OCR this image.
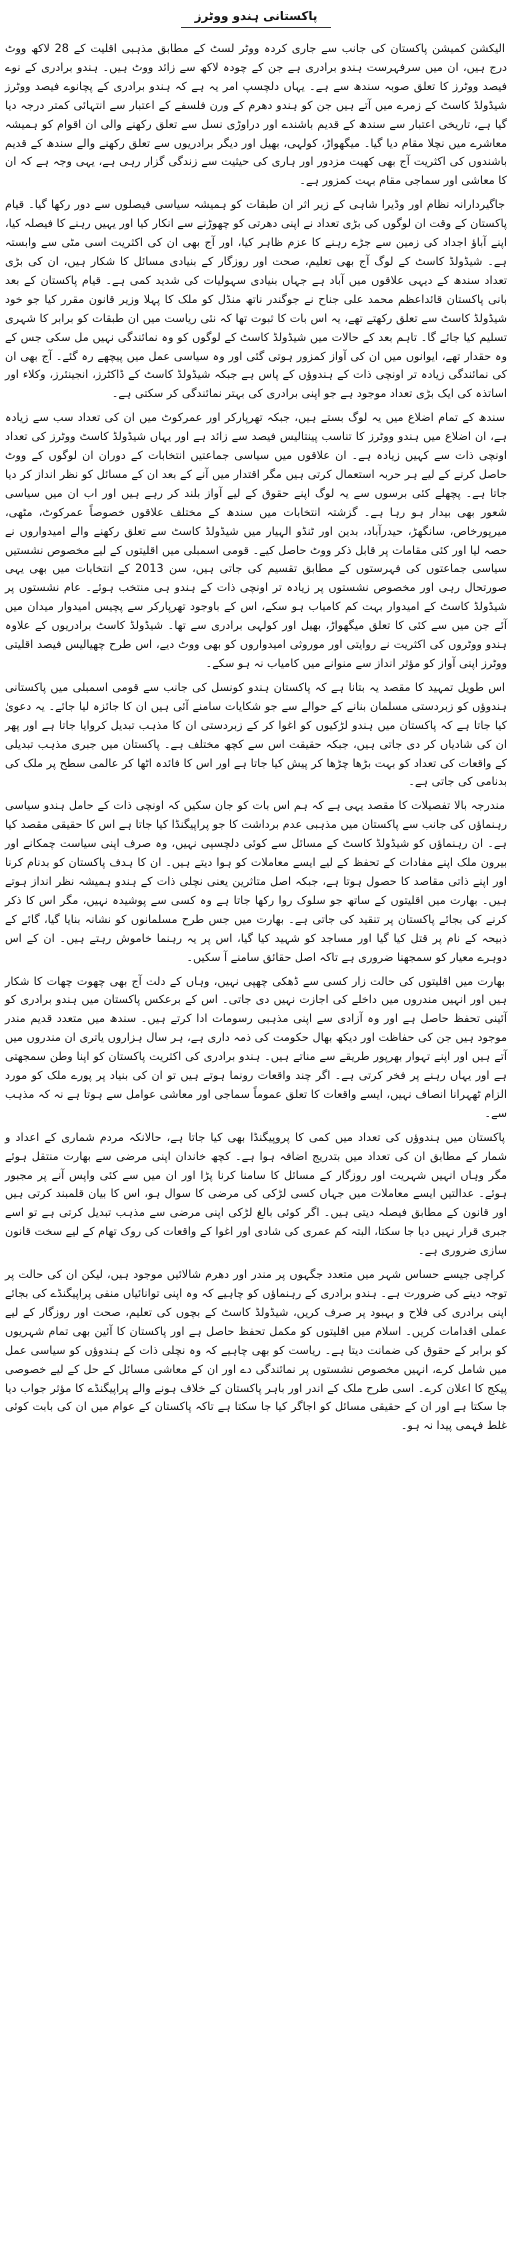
پاکستانی ہندو ووٹرز

الیکشن کمیشن پاکستان کی جانب سے جاری کردہ ووٹر لسٹ کے مطابق مذہبی اقلیت کے 28 لاکھ ووٹ درج ہیں، ان میں سرفہرست ہندو برادری ہے جن کے چودہ لاکھ سے زائد ووٹ ہیں۔ ہندو برادری کے نوے فیصد ووٹرز کا تعلق صوبہ سندھ سے ہے۔ یہاں دلچسپ امر یہ ہے کہ ہندو برادری کے پچانوے فیصد ووٹرز شیڈولڈ کاسٹ کے زمرے میں آتے ہیں جن کو ہندو دھرم کے ورن فلسفے کے اعتبار سے انتہائی کمتر درجہ دیا گیا ہے، تاریخی اعتبار سے سندھ کے قدیم باشندے اور دراوڑی نسل سے تعلق رکھنے والی ان اقوام کو ہمیشہ معاشرے میں نچلا مقام دیا گیا۔ میگھواڑ، کولہی، بھیل اور دیگر برادریوں سے تعلق رکھنے والے سندھ کے قدیم باشندوں کی اکثریت آج بھی کھیت مزدور اور ہاری کی حیثیت سے زندگی گزار رہی ہے، یہی وجہ ہے کہ ان کا معاشی اور سماجی مقام بہت کمزور ہے۔

جاگیردارانہ نظام اور وڈیرا شاہی کے زیر اثر ان طبقات کو ہمیشہ سیاسی فیصلوں سے دور رکھا گیا۔ قیام پاکستان کے وقت ان لوگوں کی بڑی تعداد نے اپنی دھرتی کو چھوڑنے سے انکار کیا اور یہیں رہنے کا فیصلہ کیا، اپنے آباؤ اجداد کی زمین سے جڑے رہنے کا عزم ظاہر کیا، اور آج بھی ان کی اکثریت اسی مٹی سے وابستہ ہے۔ شیڈولڈ کاسٹ کے لوگ آج بھی تعلیم، صحت اور روزگار کے بنیادی مسائل کا شکار ہیں، ان کی بڑی تعداد سندھ کے دیہی علاقوں میں آباد ہے جہاں بنیادی سہولیات کی شدید کمی ہے۔ قیام پاکستان کے بعد بانی پاکستان قائداعظم محمد علی جناح نے جوگندر ناتھ منڈل کو ملک کا پہلا وزیر قانون مقرر کیا جو خود شیڈولڈ کاسٹ سے تعلق رکھتے تھے، یہ اس بات کا ثبوت تھا کہ نئی ریاست میں ان طبقات کو برابر کا شہری تسلیم کیا جائے گا۔ تاہم بعد کے حالات میں شیڈولڈ کاسٹ کے لوگوں کو وہ نمائندگی نہیں مل سکی جس کے وہ حقدار تھے، ایوانوں میں ان کی آواز کمزور ہوتی گئی اور وہ سیاسی عمل میں پیچھے رہ گئے۔ آج بھی ان کی نمائندگی زیادہ تر اونچی ذات کے ہندوؤں کے پاس ہے جبکہ شیڈولڈ کاسٹ کے ڈاکٹرز، انجینئرز، وکلاء اور اساتذہ کی ایک بڑی تعداد موجود ہے جو اپنی برادری کی بہتر نمائندگی کر سکتی ہے۔

سندھ کے تمام اضلاع میں یہ لوگ بستے ہیں، جبکہ تھرپارکر اور عمرکوٹ میں ان کی تعداد سب سے زیادہ ہے، ان اضلاع میں ہندو ووٹرز کا تناسب پینتالیس فیصد سے زائد ہے اور یہاں شیڈولڈ کاسٹ ووٹرز کی تعداد اونچی ذات سے کہیں زیادہ ہے۔ ان علاقوں میں سیاسی جماعتیں انتخابات کے دوران ان لوگوں کے ووٹ حاصل کرنے کے لیے ہر حربہ استعمال کرتی ہیں مگر اقتدار میں آنے کے بعد ان کے مسائل کو نظر انداز کر دیا جاتا ہے۔ پچھلے کئی برسوں سے یہ لوگ اپنے حقوق کے لیے آواز بلند کر رہے ہیں اور اب ان میں سیاسی شعور بھی بیدار ہو رہا ہے۔ گزشتہ انتخابات میں سندھ کے مختلف علاقوں خصوصاً عمرکوٹ، مٹھی، میرپورخاص، سانگھڑ، حیدرآباد، بدین اور ٹنڈو الہیار میں شیڈولڈ کاسٹ سے تعلق رکھنے والے امیدواروں نے حصہ لیا اور کئی مقامات پر قابل ذکر ووٹ حاصل کیے۔ قومی اسمبلی میں اقلیتوں کے لیے مخصوص نشستیں سیاسی جماعتوں کی فہرستوں کے مطابق تقسیم کی جاتی ہیں، سن 2013 کے انتخابات میں بھی یہی صورتحال رہی اور مخصوص نشستوں پر زیادہ تر اونچی ذات کے ہندو ہی منتخب ہوئے۔ عام نشستوں پر شیڈولڈ کاسٹ کے امیدوار بہت کم کامیاب ہو سکے، اس کے باوجود تھرپارکر سے پچیس امیدوار میدان میں آئے جن میں سے کئی کا تعلق میگھواڑ، بھیل اور کولہی برادری سے تھا۔ شیڈولڈ کاسٹ برادریوں کے علاوہ ہندو ووٹروں کی اکثریت نے روایتی اور موروثی امیدواروں کو بھی ووٹ دیے، اس طرح چھیالیس فیصد اقلیتی ووٹرز اپنی آواز کو مؤثر انداز سے منوانے میں کامیاب نہ ہو سکے۔

اس طویل تمہید کا مقصد یہ بتانا ہے کہ پاکستان ہندو کونسل کی جانب سے قومی اسمبلی میں پاکستانی ہندوؤں کو زبردستی مسلمان بنانے کے حوالے سے جو شکایات سامنے آئی ہیں ان کا جائزہ لیا جائے۔ یہ دعویٰ کیا جاتا ہے کہ پاکستان میں ہندو لڑکیوں کو اغوا کر کے زبردستی ان کا مذہب تبدیل کروایا جاتا ہے اور پھر ان کی شادیاں کر دی جاتی ہیں، جبکہ حقیقت اس سے کچھ مختلف ہے۔ پاکستان میں جبری مذہب تبدیلی کے واقعات کی تعداد کو بہت بڑھا چڑھا کر پیش کیا جاتا ہے اور اس کا فائدہ اٹھا کر عالمی سطح پر ملک کی بدنامی کی جاتی ہے۔

مندرجہ بالا تفصیلات کا مقصد یہی ہے کہ ہم اس بات کو جان سکیں کہ اونچی ذات کے حامل ہندو سیاسی رہنماؤں کی جانب سے پاکستان میں مذہبی عدم برداشت کا جو پراپیگنڈا کیا جاتا ہے اس کا حقیقی مقصد کیا ہے۔ ان رہنماؤں کو شیڈولڈ کاسٹ کے مسائل سے کوئی دلچسپی نہیں، وہ صرف اپنی سیاست چمکانے اور بیرون ملک اپنے مفادات کے تحفظ کے لیے ایسے معاملات کو ہوا دیتے ہیں۔ ان کا ہدف پاکستان کو بدنام کرنا اور اپنے ذاتی مقاصد کا حصول ہوتا ہے، جبکہ اصل متاثرین یعنی نچلی ذات کے ہندو ہمیشہ نظر انداز ہوتے ہیں۔ بھارت میں اقلیتوں کے ساتھ جو سلوک روا رکھا جاتا ہے وہ کسی سے پوشیدہ نہیں، مگر اس کا ذکر کرنے کی بجائے پاکستان پر تنقید کی جاتی ہے۔ بھارت میں جس طرح مسلمانوں کو نشانہ بنایا گیا، گائے کے ذبیحہ کے نام پر قتل کیا گیا اور مساجد کو شہید کیا گیا، اس پر یہ رہنما خاموش رہتے ہیں۔ ان کے اس دوہرے معیار کو سمجھنا ضروری ہے تاکہ اصل حقائق سامنے آ سکیں۔

بھارت میں اقلیتوں کی حالت زار کسی سے ڈھکی چھپی نہیں، وہاں کے دلت آج بھی چھوت چھات کا شکار ہیں اور انہیں مندروں میں داخلے کی اجازت نہیں دی جاتی۔ اس کے برعکس پاکستان میں ہندو برادری کو آئینی تحفظ حاصل ہے اور وہ آزادی سے اپنی مذہبی رسومات ادا کرتے ہیں۔ سندھ میں متعدد قدیم مندر موجود ہیں جن کی حفاظت اور دیکھ بھال حکومت کی ذمہ داری ہے، ہر سال ہزاروں یاتری ان مندروں میں آتے ہیں اور اپنے تہوار بھرپور طریقے سے مناتے ہیں۔ ہندو برادری کی اکثریت پاکستان کو اپنا وطن سمجھتی ہے اور یہاں رہنے پر فخر کرتی ہے۔ اگر چند واقعات رونما ہوتے ہیں تو ان کی بنیاد پر پورے ملک کو مورد الزام ٹھہرانا انصاف نہیں، ایسے واقعات کا تعلق عموماً سماجی اور معاشی عوامل سے ہوتا ہے نہ کہ مذہب سے۔

پاکستان میں ہندوؤں کی تعداد میں کمی کا پروپیگنڈا بھی کیا جاتا ہے، حالانکہ مردم شماری کے اعداد و شمار کے مطابق ان کی تعداد میں بتدریج اضافہ ہوا ہے۔ کچھ خاندان اپنی مرضی سے بھارت منتقل ہوئے مگر وہاں انہیں شہریت اور روزگار کے مسائل کا سامنا کرنا پڑا اور ان میں سے کئی واپس آنے پر مجبور ہوئے۔ عدالتیں ایسے معاملات میں جہاں کسی لڑکی کی مرضی کا سوال ہو، اس کا بیان قلمبند کرتی ہیں اور قانون کے مطابق فیصلہ دیتی ہیں۔ اگر کوئی بالغ لڑکی اپنی مرضی سے مذہب تبدیل کرتی ہے تو اسے جبری قرار نہیں دیا جا سکتا، البتہ کم عمری کی شادی اور اغوا کے واقعات کی روک تھام کے لیے سخت قانون سازی ضروری ہے۔

کراچی جیسے حساس شہر میں متعدد جگہوں پر مندر اور دھرم شالائیں موجود ہیں، لیکن ان کی حالت پر توجہ دینے کی ضرورت ہے۔ ہندو برادری کے رہنماؤں کو چاہیے کہ وہ اپنی توانائیاں منفی پراپیگنڈے کی بجائے اپنی برادری کی فلاح و بہبود پر صرف کریں، شیڈولڈ کاسٹ کے بچوں کی تعلیم، صحت اور روزگار کے لیے عملی اقدامات کریں۔ اسلام میں اقلیتوں کو مکمل تحفظ حاصل ہے اور پاکستان کا آئین بھی تمام شہریوں کو برابر کے حقوق کی ضمانت دیتا ہے۔ ریاست کو بھی چاہیے کہ وہ نچلی ذات کے ہندوؤں کو سیاسی عمل میں شامل کرے، انہیں مخصوص نشستوں پر نمائندگی دے اور ان کے معاشی مسائل کے حل کے لیے خصوصی پیکج کا اعلان کرے۔ اسی طرح ملک کے اندر اور باہر پاکستان کے خلاف ہونے والے پراپیگنڈے کا مؤثر جواب دیا جا سکتا ہے اور ان کے حقیقی مسائل کو اجاگر کیا جا سکتا ہے تاکہ پاکستان کے عوام میں ان کی بابت کوئی غلط فہمی پیدا نہ ہو۔
